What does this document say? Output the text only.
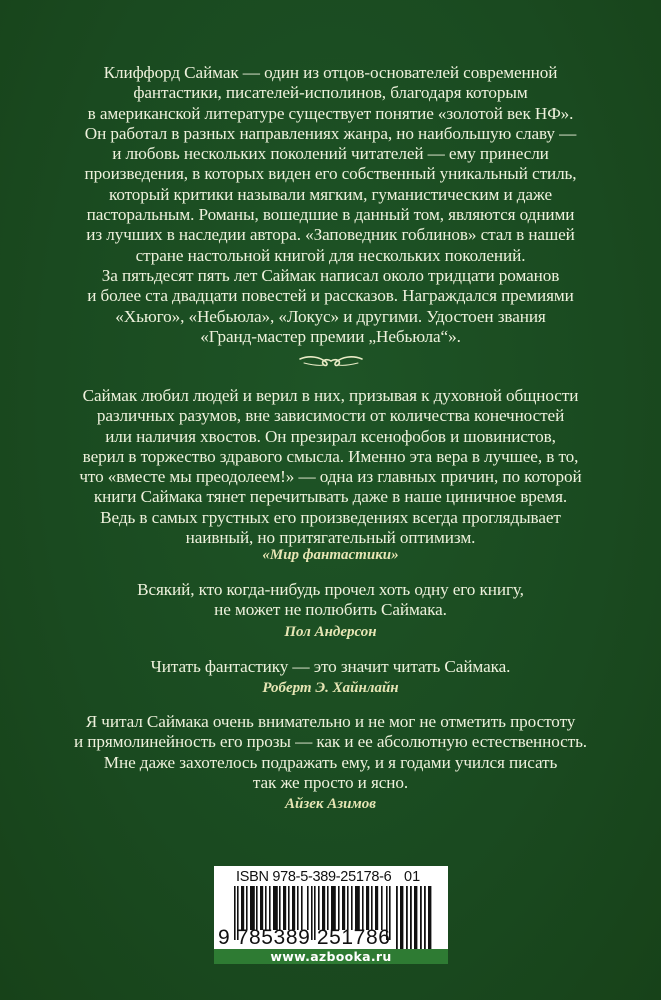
Клиффорд Саймак — один из отцов-основателей современной
фантастики, писателей-исполинов, благодаря которым
в американской литературе существует понятие «золотой век НФ».
Он работал в разных направлениях жанра, но наибольшую славу —
и любовь нескольких поколений читателей — ему принесли
произведения, в которых виден его собственный уникальный стиль,
который критики называли мягким, гуманистическим и даже
пасторальным. Романы, вошедшие в данный том, являются одними
из лучших в наследии автора. «Заповедник гоблинов» стал в нашей
стране настольной книгой для нескольких поколений.
За пятьдесят пять лет Саймак написал около тридцати романов
и более ста двадцати повестей и рассказов. Награждался премиями
«Хьюго», «Небьюла», «Локус» и другими. Удостоен звания
«Гранд-мастер премии „Небьюла“».
Саймак любил людей и верил в них, призывая к духовной общности
различных разумов, вне зависимости от количества конечностей
или наличия хвостов. Он презирал ксенофобов и шовинистов,
верил в торжество здравого смысла. Именно эта вера в лучшее, в то,
что «вместе мы преодолеем!» — одна из главных причин, по которой
книги Саймака тянет перечитывать даже в наше циничное время.
Ведь в самых грустных его произведениях всегда проглядывает
наивный, но притягательный оптимизм.
«Мир фантастики»
Всякий, кто когда-нибудь прочел хоть одну его книгу,
не может не полюбить Саймака.
Пол Андерсон
Читать фантастику — это значит читать Саймака.
Роберт Э. Хайнлайн
Я читал Саймака очень внимательно и не мог не отметить простоту
и прямолинейность его прозы — как и ее абсолютную естественность.
Мне даже захотелось подражать ему, и я годами учился писать
так же просто и ясно.
Айзек Азимов
ISBN 978-5-389-25178-6 01
9 785389 251786
www.azbooka.ru
